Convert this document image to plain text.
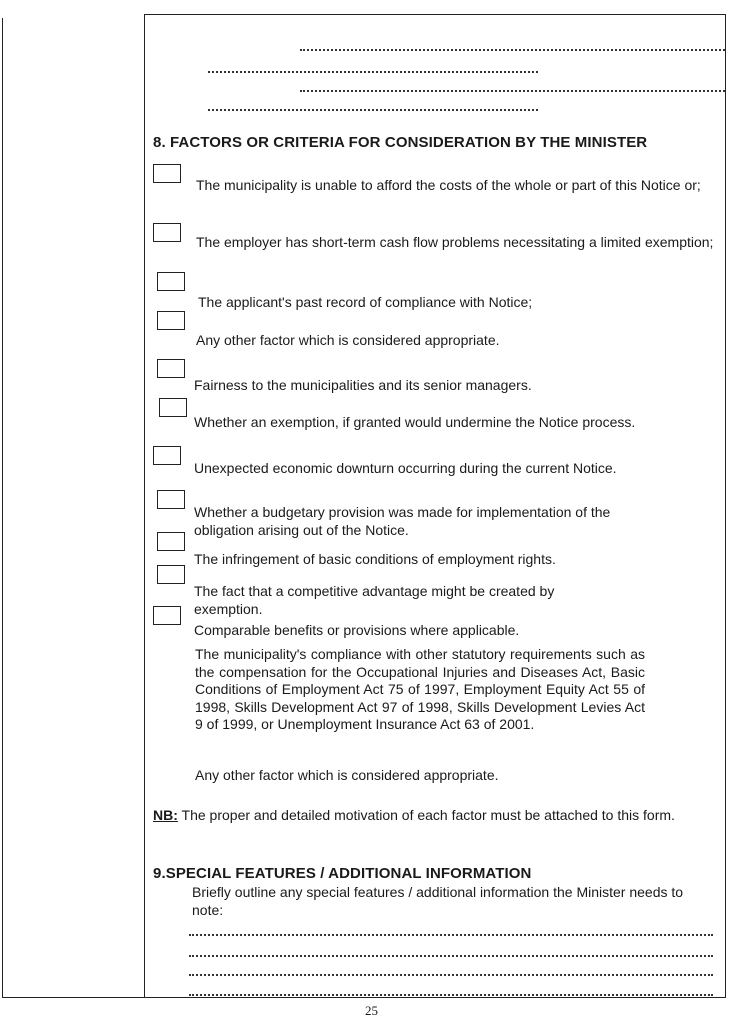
8. FACTORS OR CRITERIA FOR CONSIDERATION BY THE MINISTER
The municipality is unable to afford the costs of the whole or part of this Notice or;
The employer has short-term cash flow problems necessitating a limited exemption;
The applicant's past record of compliance with Notice;
Any other factor which is considered appropriate.
Fairness to the municipalities and its senior managers.
Whether an exemption, if granted would undermine the Notice process.
Unexpected economic downturn occurring during the current Notice.
Whether a budgetary provision was made for implementation of the obligation arising out of the Notice.
The infringement of basic conditions of employment rights.
The fact that a competitive advantage might be created by exemption.
Comparable benefits or provisions where applicable.
The municipality's compliance with other statutory requirements such as the compensation for the Occupational Injuries and Diseases Act, Basic Conditions of Employment Act 75 of 1997, Employment Equity Act 55 of 1998, Skills Development Act 97 of 1998, Skills Development Levies Act 9 of 1999, or Unemployment Insurance Act 63 of 2001.
Any other factor which is considered appropriate.
NB: The proper and detailed motivation of each factor must be attached to this form.
9.SPECIAL FEATURES / ADDITIONAL INFORMATION
Briefly outline any special features / additional information the Minister needs to note:
25
